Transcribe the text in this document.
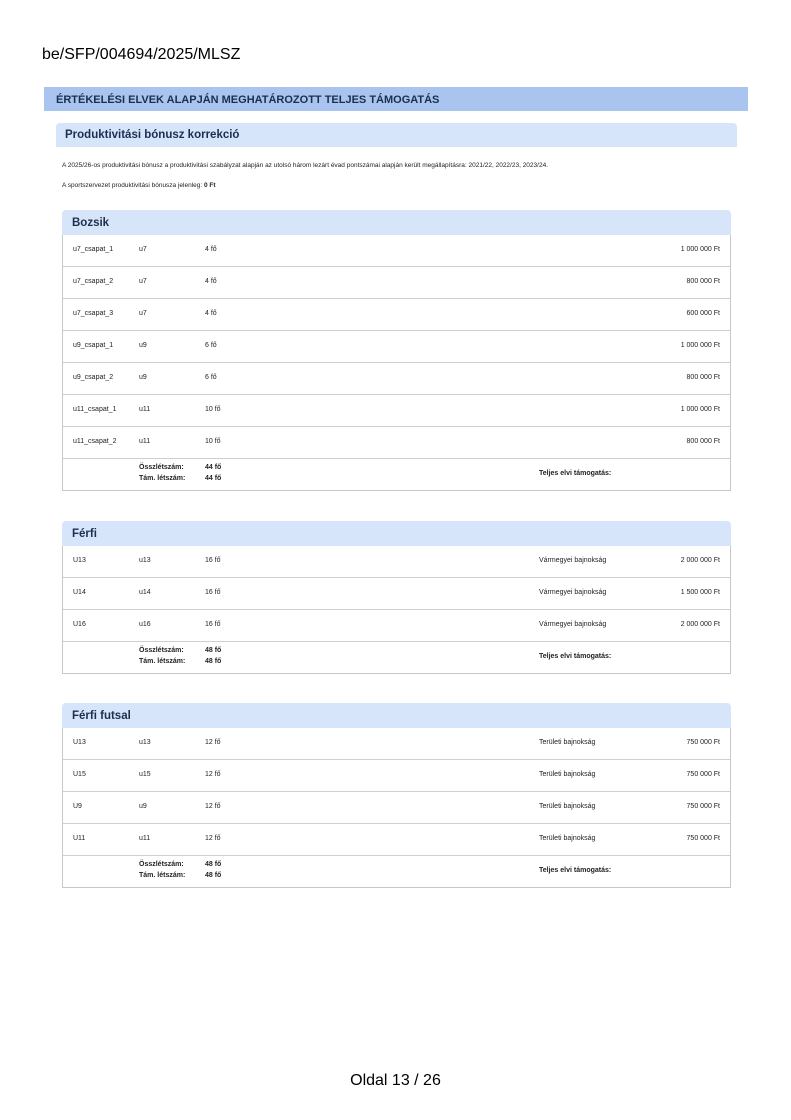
be/SFP/004694/2025/MLSZ
ÉRTÉKELÉSI ELVEK ALAPJÁN MEGHATÁROZOTT TELJES TÁMOGATÁS
Produktivitási bónusz korrekció
A 2025/26-os produktivitási bónusz a produktivitási szabályzat alapján az utolsó három lezárt évad pontszámai alapján került megállapításra: 2021/22, 2022/23, 2023/24.
A sportszervezet produktivitási bónusza jelenleg: 0 Ft
Bozsik
u7_csapat_1	u7	4 fő	1 000 000 Ft
u7_csapat_2	u7	4 fő	800 000 Ft
u7_csapat_3	u7	4 fő	600 000 Ft
u9_csapat_1	u9	6 fő	1 000 000 Ft
u9_csapat_2	u9	6 fő	800 000 Ft
u11_csapat_1	u11	10 fő	1 000 000 Ft
u11_csapat_2	u11	10 fő	800 000 Ft
Összlétszám:	44 fő
Tám. létszám:	44 fő
Teljes elvi támogatás:
Férfi
U13	u13	16 fő	Vármegyei bajnokság	2 000 000 Ft
U14	u14	16 fő	Vármegyei bajnokság	1 500 000 Ft
U16	u16	16 fő	Vármegyei bajnokság	2 000 000 Ft
Összlétszám:	48 fő
Tám. létszám:	48 fő
Teljes elvi támogatás:
Férfi futsal
U13	u13	12 fő	Területi bajnokság	750 000 Ft
U15	u15	12 fő	Területi bajnokság	750 000 Ft
U9	u9	12 fő	Területi bajnokság	750 000 Ft
U11	u11	12 fő	Területi bajnokság	750 000 Ft
Összlétszám:	48 fő
Tám. létszám:	48 fő
Teljes elvi támogatás:
Oldal 13 / 26
